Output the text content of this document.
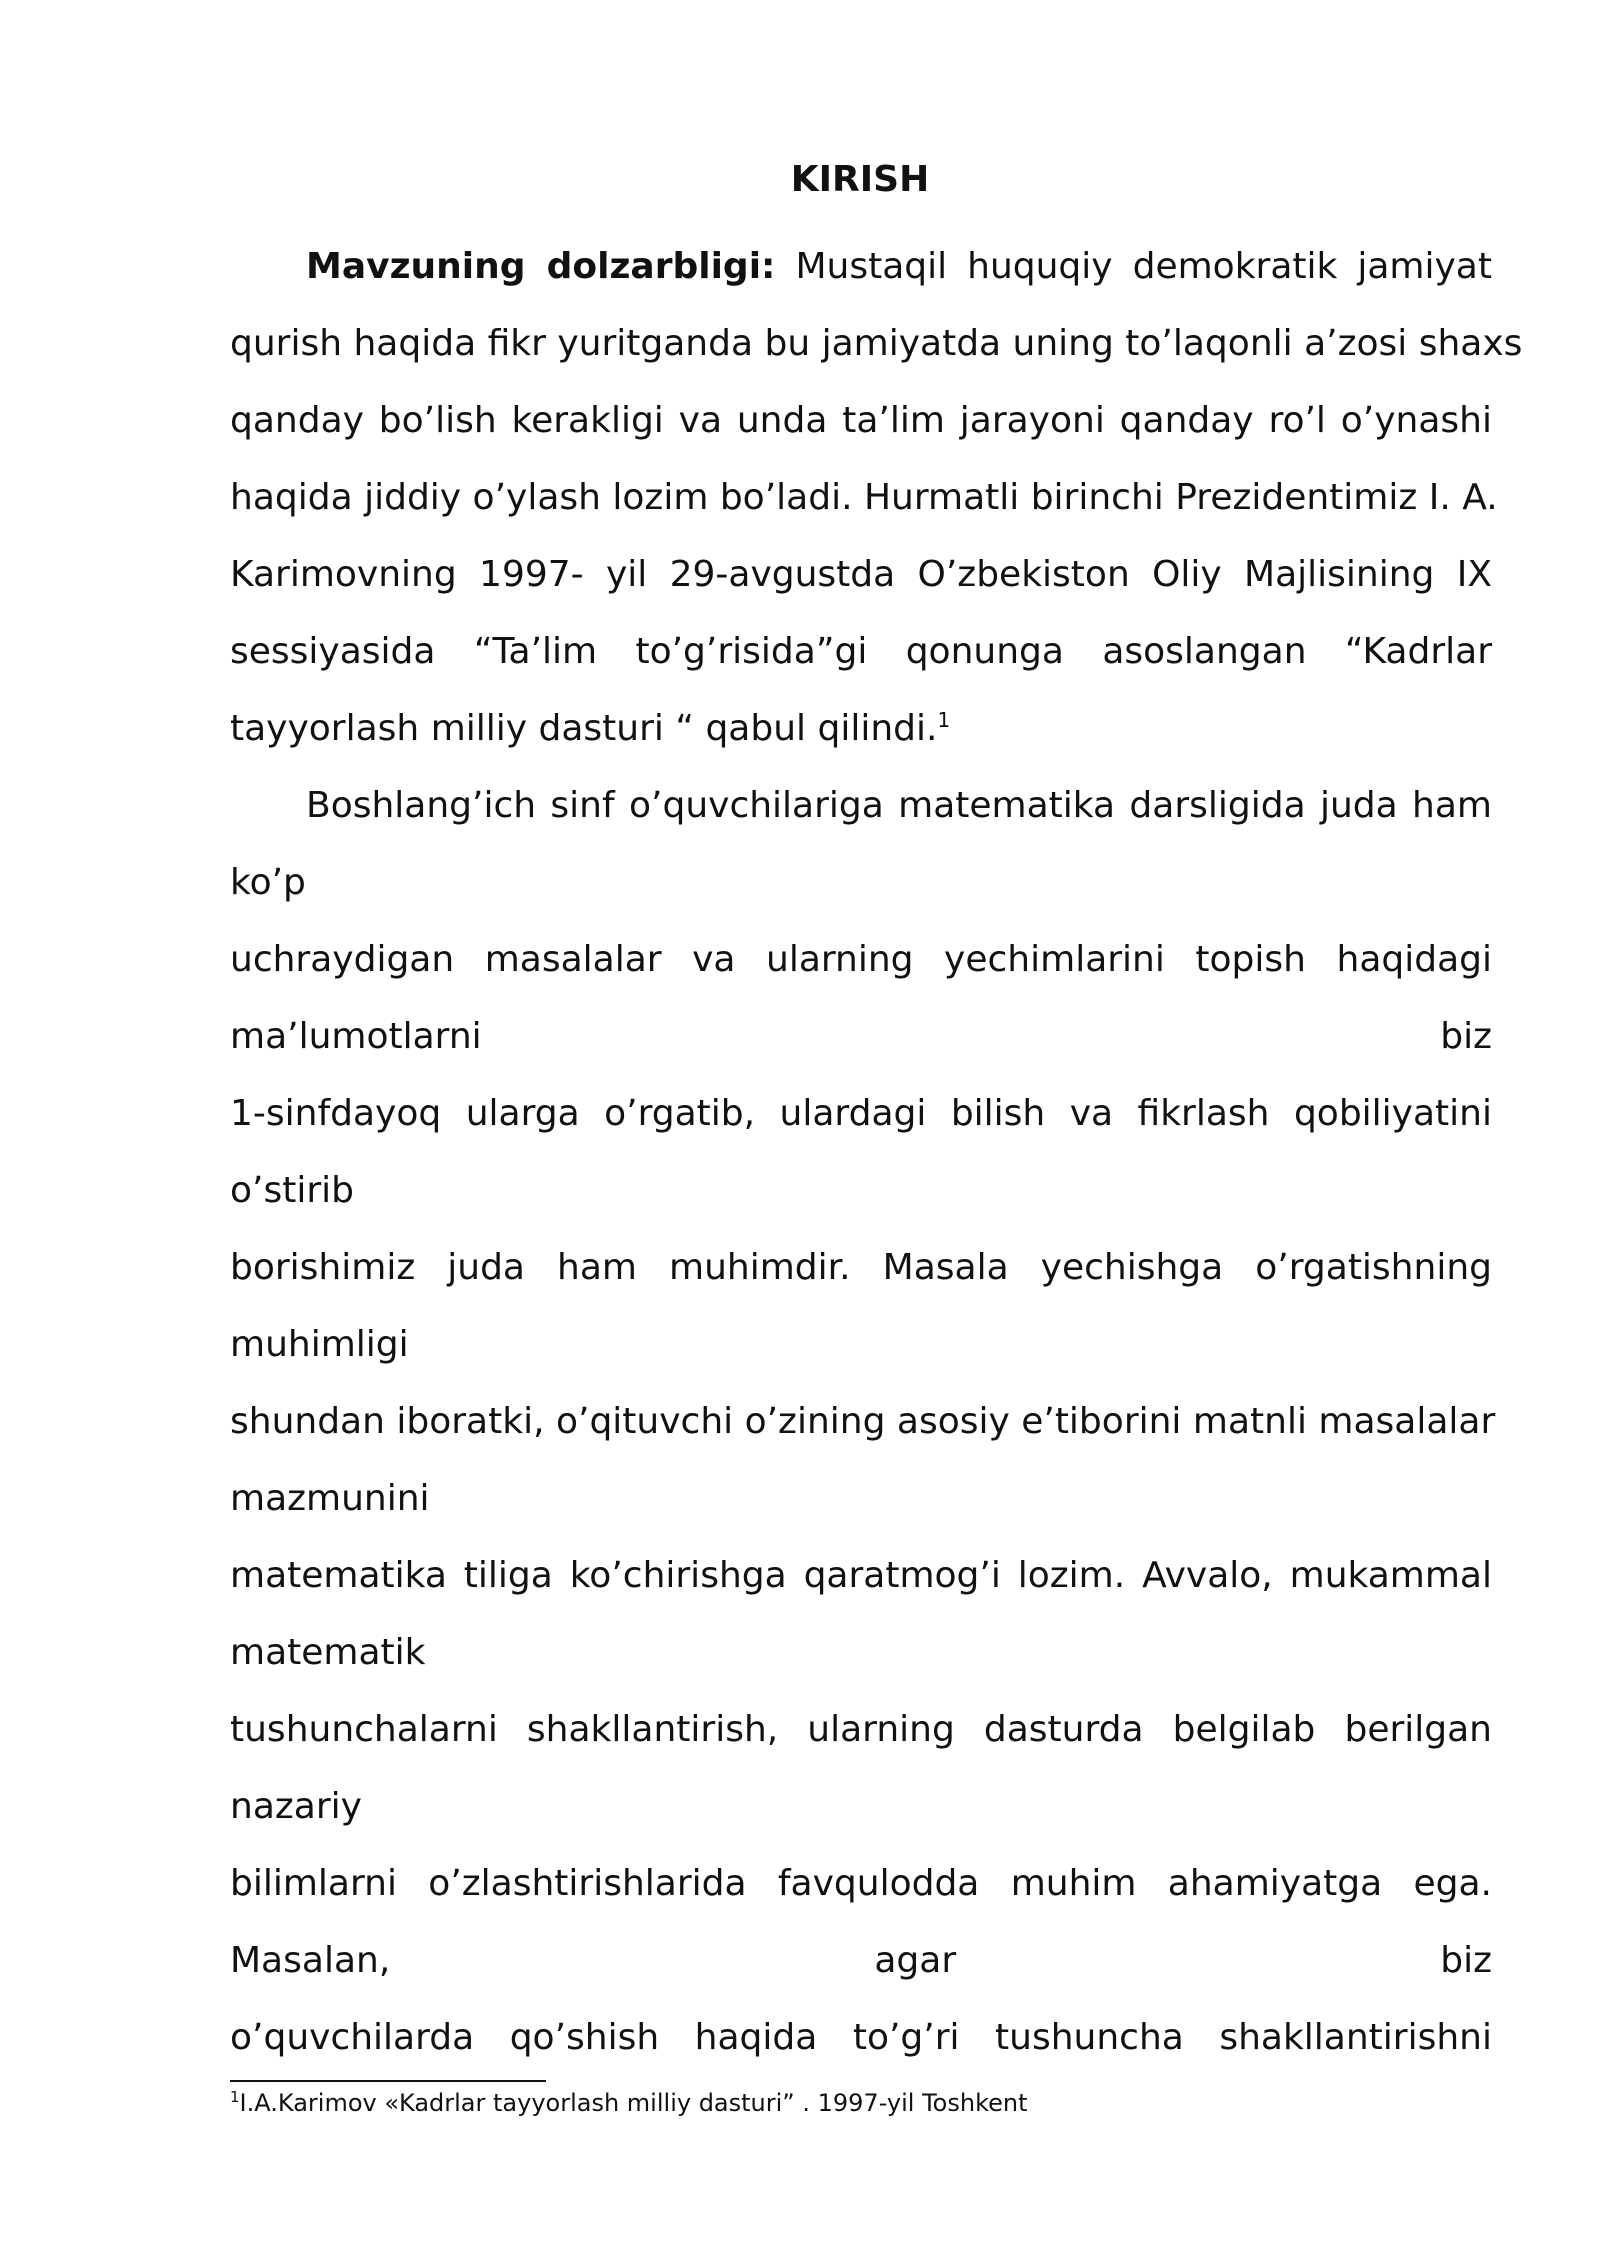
KIRISH
Mavzuning dolzarbligi: Mustaqil huquqiy demokratik jamiyat
qurish haqida fikr yuritganda bu jamiyatda uning to’laqonli a’zosi shaxs
qanday bo’lish kerakligi va unda ta’lim jarayoni qanday ro’l o’ynashi
haqida jiddiy o’ylash lozim bo’ladi. Hurmatli birinchi Prezidentimiz I. A.
Karimovning 1997- yil 29-avgustda O’zbekiston Oliy Majlisining IX
sessiyasida “Ta’lim to’g’risida”gi qonunga asoslangan “Kadrlar
tayyorlash milliy dasturi “ qabul qilindi.$^1$
Boshlang’ich sinf o’quvchilariga matematika darsligida juda ham
ko’p
uchraydigan masalalar va ularning yechimlarini topish haqidagi
ma’lumotlarni biz
1-sinfdayoq ularga o’rgatib, ulardagi bilish va fikrlash qobiliyatini
o’stirib
borishimiz juda ham muhimdir. Masala yechishga o’rgatishning
muhimligi
shundan iboratki, o’qituvchi o’zining asosiy e’tiborini matnli masalalar
mazmunini
matematika tiliga ko’chirishga qaratmog’i lozim. Avvalo, mukammal
matematik
tushunchalarni shakllantirish, ularning dasturda belgilab berilgan
nazariy
bilimlarni o’zlashtirishlarida favqulodda muhim ahamiyatga ega.
Masalan, agar biz
o’quvchilarda qo’shish haqida to’g’ri tushuncha shakllantirishni
$^1$I.A.Karimov «Kadrlar tayyorlash milliy dasturi” . 1997-yil Toshkent
